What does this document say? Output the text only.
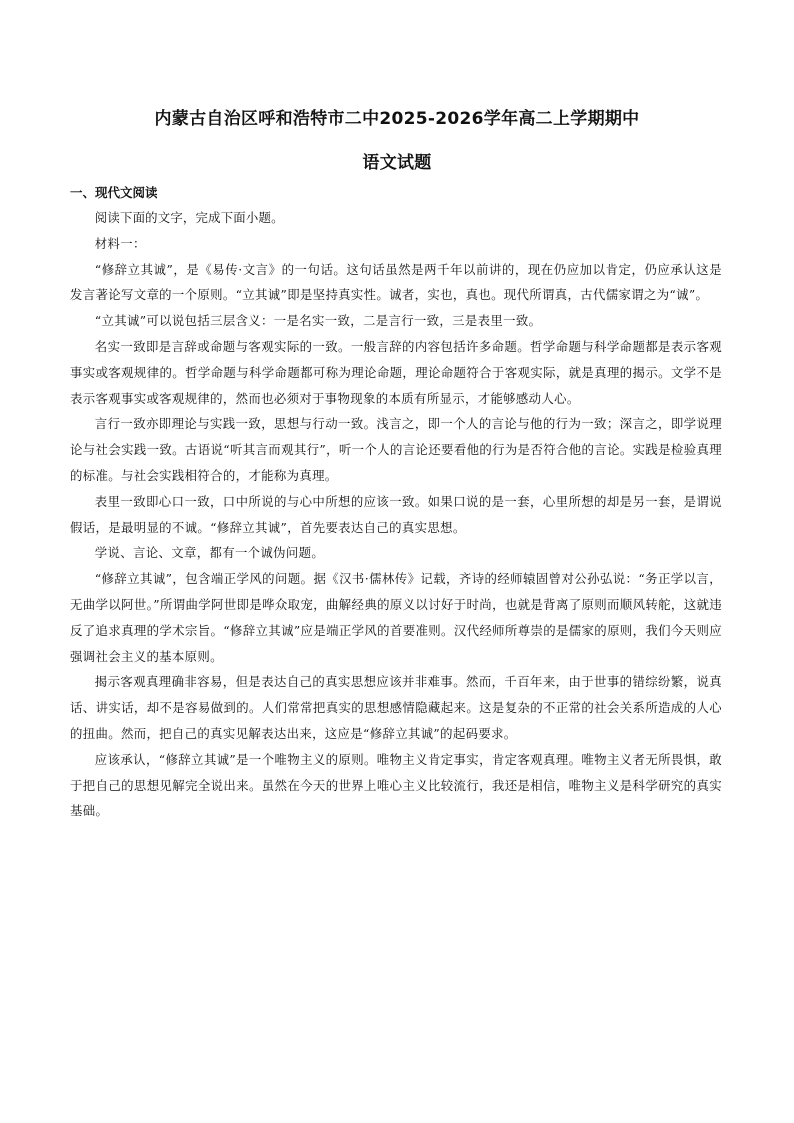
内蒙古自治区呼和浩特市二中2025-2026学年高二上学期期中
语文试题
一、现代文阅读

阅读下面的文字，完成下面小题。

材料一：

“修辞立其诚”，是《易传·文言》的一句话。这句话虽然是两千年以前讲的，现在仍应加以肯定，仍应承认这是发言著论写文章的一个原则。“立其诚”即是坚持真实性。诚者，实也，真也。现代所谓真，古代儒家谓之为“诚”。

“立其诚”可以说包括三层含义：一是名实一致，二是言行一致，三是表里一致。

名实一致即是言辞或命题与客观实际的一致。一般言辞的内容包括许多命题。哲学命题与科学命题都是表示客观事实或客观规律的。哲学命题与科学命题都可称为理论命题，理论命题符合于客观实际，就是真理的揭示。文学不是表示客观事实或客观规律的，然而也必须对于事物现象的本质有所显示，才能够感动人心。

言行一致亦即理论与实践一致，思想与行动一致。浅言之，即一个人的言论与他的行为一致；深言之，即学说理论与社会实践一致。古语说“听其言而观其行”，听一个人的言论还要看他的行为是否符合他的言论。实践是检验真理的标准。与社会实践相符合的，才能称为真理。

表里一致即心口一致，口中所说的与心中所想的应该一致。如果口说的是一套，心里所想的却是另一套，是谓说假话，是最明显的不诚。“修辞立其诚”，首先要表达自己的真实思想。

学说、言论、文章，都有一个诚伪问题。

“修辞立其诚”，包含端正学风的问题。据《汉书·儒林传》记载，齐诗的经师辕固曾对公孙弘说：“务正学以言，无曲学以阿世。”所谓曲学阿世即是哗众取宠，曲解经典的原义以讨好于时尚，也就是背离了原则而顺风转舵，这就违反了追求真理的学术宗旨。“修辞立其诚”应是端正学风的首要准则。汉代经师所尊崇的是儒家的原则，我们今天则应强调社会主义的基本原则。

揭示客观真理确非容易，但是表达自己的真实思想应该并非难事。然而，千百年来，由于世事的错综纷繁，说真话、讲实话，却不是容易做到的。人们常常把真实的思想感情隐藏起来。这是复杂的不正常的社会关系所造成的人心的扭曲。然而，把自己的真实见解表达出来，这应是“修辞立其诚”的起码要求。

应该承认，“修辞立其诚”是一个唯物主义的原则。唯物主义肯定事实，肯定客观真理。唯物主义者无所畏惧，敢于把自己的思想见解完全说出来。虽然在今天的世界上唯心主义比较流行，我还是相信，唯物主义是科学研究的真实基础。
